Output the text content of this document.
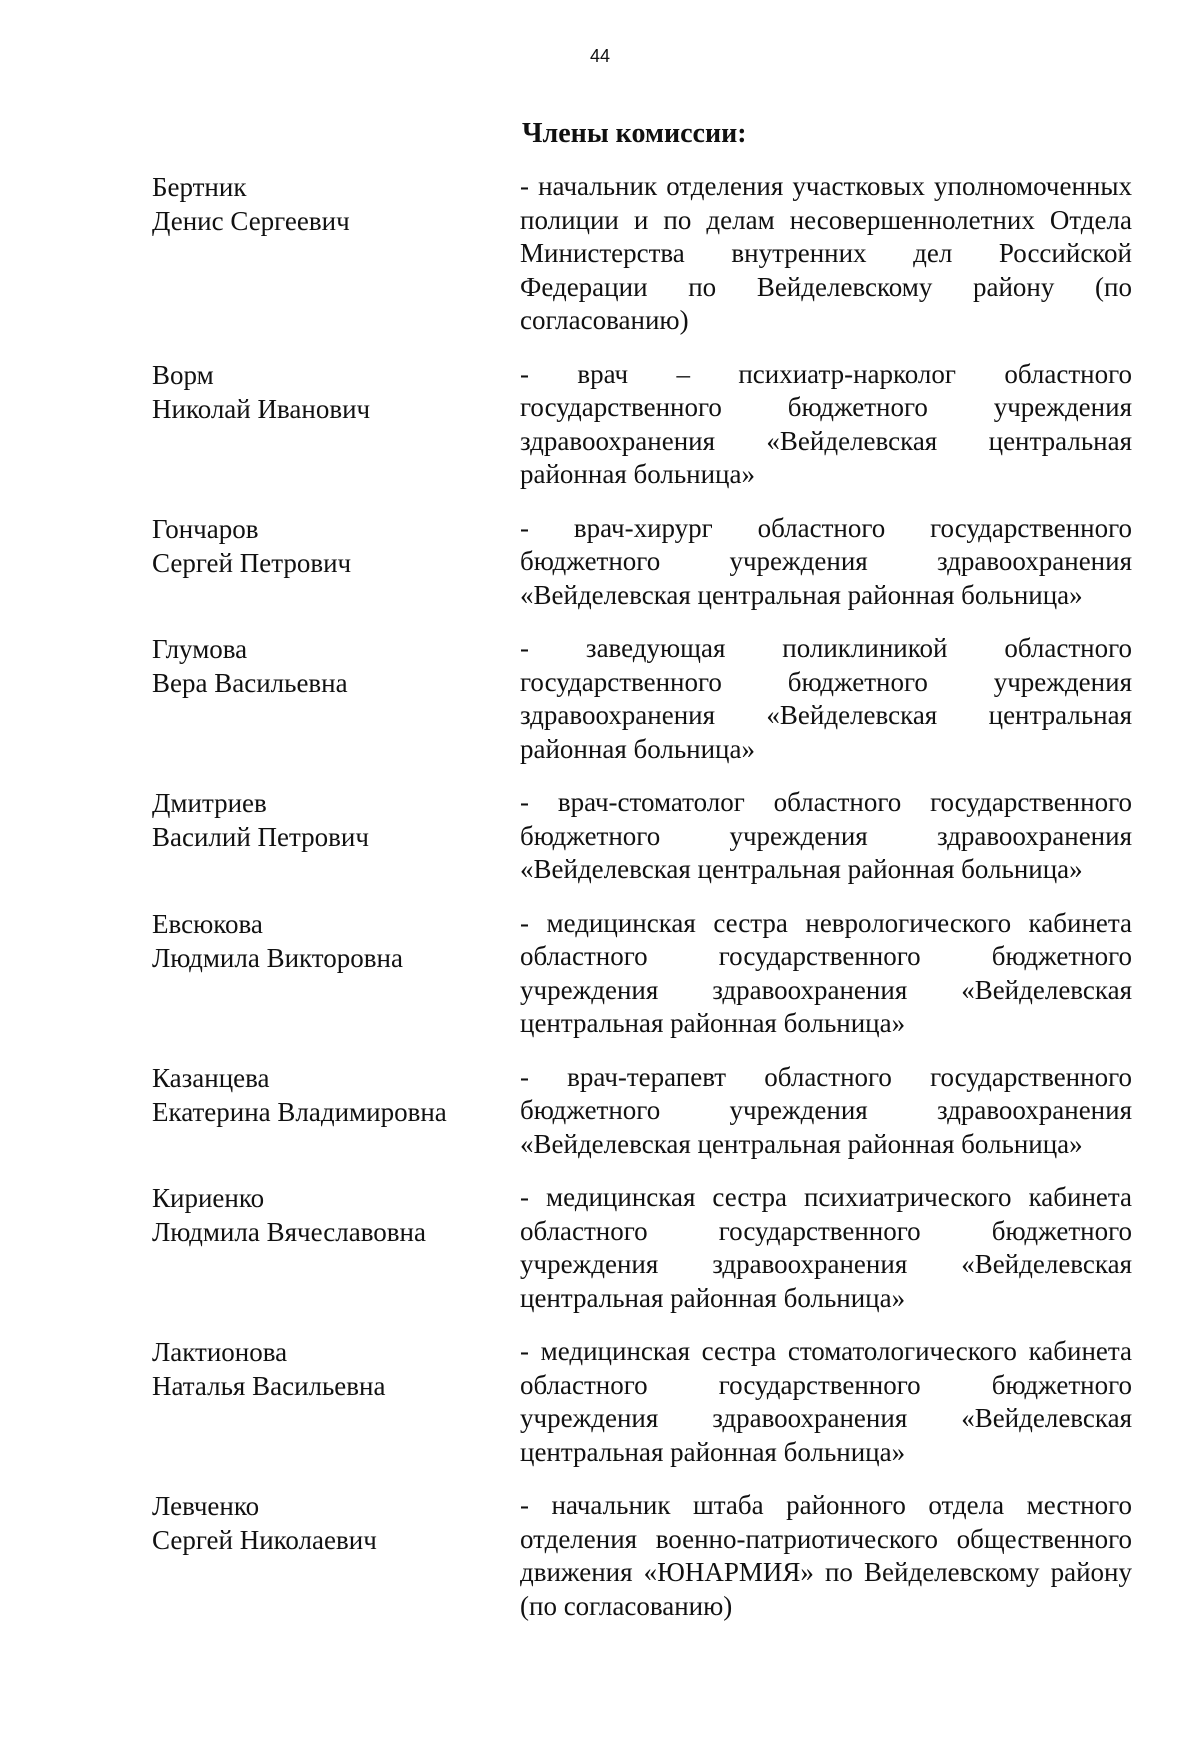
44
Члены комиссии:
Бертник
Денис Сергеевич
- начальник отделения участковых уполномоченных полиции и по делам несовершеннолетних Отдела Министерства внутренних дел Российской Федерации по Вейделевскому району (по согласованию)
Ворм
Николай Иванович
- врач – психиатр-нарколог областного государственного бюджетного учреждения здравоохранения «Вейделевская центральная районная больница»
Гончаров
Сергей Петрович
- врач-хирург областного государственного бюджетного учреждения здравоохранения «Вейделевская центральная районная больница»
Глумова
Вера Васильевна
- заведующая поликлиникой областного государственного бюджетного учреждения здравоохранения «Вейделевская центральная районная больница»
Дмитриев
Василий Петрович
- врач-стоматолог областного государственного бюджетного учреждения здравоохранения «Вейделевская центральная районная больница»
Евсюкова
Людмила Викторовна
- медицинская сестра неврологического кабинета областного государственного бюджетного учреждения здравоохранения «Вейделевская центральная районная больница»
Казанцева
Екатерина Владимировна
- врач-терапевт областного государственного бюджетного учреждения здравоохранения «Вейделевская центральная районная больница»
Кириенко
Людмила Вячеславовна
- медицинская сестра психиатрического кабинета областного государственного бюджетного учреждения здравоохранения «Вейделевская центральная районная больница»
Лактионова
Наталья Васильевна
- медицинская сестра стоматологического кабинета областного государственного бюджетного учреждения здравоохранения «Вейделевская центральная районная больница»
Левченко
Сергей Николаевич
- начальник штаба районного отдела местного отделения военно-патриотического общественного движения «ЮНАРМИЯ» по Вейделевскому району (по согласованию)
